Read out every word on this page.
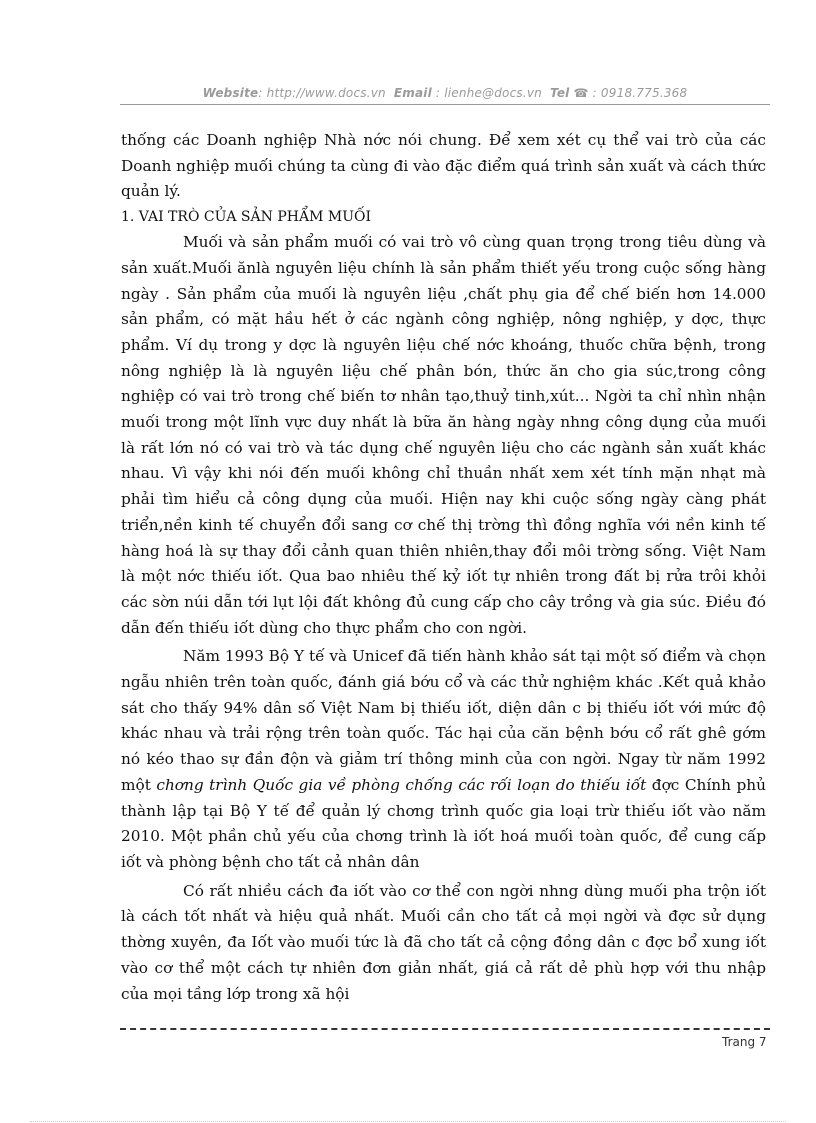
Website: http://www.docs.vn Email : lienhe@docs.vn Tel ☎ : 0918.775.368

thống các Doanh nghiệp Nhà nớc nói chung. Để xem xét cụ thể vai trò của các Doanh nghiệp muối chúng ta cùng đi vào đặc điểm quá trình sản xuất và cách thức quản lý.

1. VAI TRÒ CỦA SẢN PHẨM MUỐI

Muối và sản phẩm muối có vai trò vô cùng quan trọng trong tiêu dùng và sản xuất.Muối ănlà nguyên liệu chính là sản phẩm thiết yếu trong cuộc sống hàng ngày . Sản phẩm của muối là nguyên liệu ,chất phụ gia để chế biến hơn 14.000 sản phẩm, có mặt hầu hết ở các ngành công nghiệp, nông nghiệp, y dợc, thực phẩm. Ví dụ trong y dợc là nguyên liệu chế nớc khoáng, thuốc chữa bệnh, trong nông nghiệp là là nguyên liệu chế phân bón, thức ăn cho gia súc,trong công nghiệp có vai trò trong chế biến tơ nhân tạo,thuỷ tinh,xút... Ngời ta chỉ nhìn nhận muối trong một lĩnh vực duy nhất là bữa ăn hàng ngày nhng công dụng của muối là rất lớn nó có vai trò và tác dụng chế nguyên liệu cho các ngành sản xuất khác nhau. Vì vậy khi nói đến muối không chỉ thuần nhất xem xét tính mặn nhạt mà phải tìm hiểu cả công dụng của muối. Hiện nay khi cuộc sống ngày càng phát triển,nền kinh tế chuyển đổi sang cơ chế thị trờng thì đồng nghĩa với nền kinh tế hàng hoá là sự thay đổi cảnh quan thiên nhiên,thay đổi môi trờng sống. Việt Nam là một nớc thiếu iốt. Qua bao nhiêu thế kỷ iốt tự nhiên trong đất bị rửa trôi khỏi các sờn núi dẫn tới lụt lội đất không đủ cung cấp cho cây trồng và gia súc. Điều đó dẫn đến thiếu iốt dùng cho thực phẩm cho con ngời.

Năm 1993 Bộ Y tế và Unicef đã tiến hành khảo sát tại một số điểm và chọn ngẫu nhiên trên toàn quốc, đánh giá bớu cổ và các thử nghiệm khác .Kết quả khảo sát cho thấy 94% dân số Việt Nam bị thiếu iốt, diện dân c bị thiếu iốt với mức độ khác nhau và trải rộng trên toàn quốc. Tác hại của căn bệnh bớu cổ rất ghê gớm nó kéo thao sự đần độn và giảm trí thông minh của con ngời. Ngay từ năm 1992 một chơng trình Quốc gia về phòng chống các rối loạn do thiếu iốt đợc Chính phủ thành lập tại Bộ Y tế để quản lý chơng trình quốc gia loại trừ thiếu iốt vào năm 2010. Một phần chủ yếu của chơng trình là iốt hoá muối toàn quốc, để cung cấp iốt và phòng bệnh cho tất cả nhân dân

Có rất nhiều cách đa iốt vào cơ thể con ngời nhng dùng muối pha trộn iốt là cách tốt nhất và hiệu quả nhất. Muối cần cho tất cả mọi ngời và đợc sử dụng thờng xuyên, đa Iốt vào muối tức là đã cho tất cả cộng đồng dân c đợc bổ xung iốt vào cơ thể một cách tự nhiên đơn giản nhất, giá cả rất dẻ phù hợp với thu nhập của mọi tầng lớp trong xã hội

Trang 7
